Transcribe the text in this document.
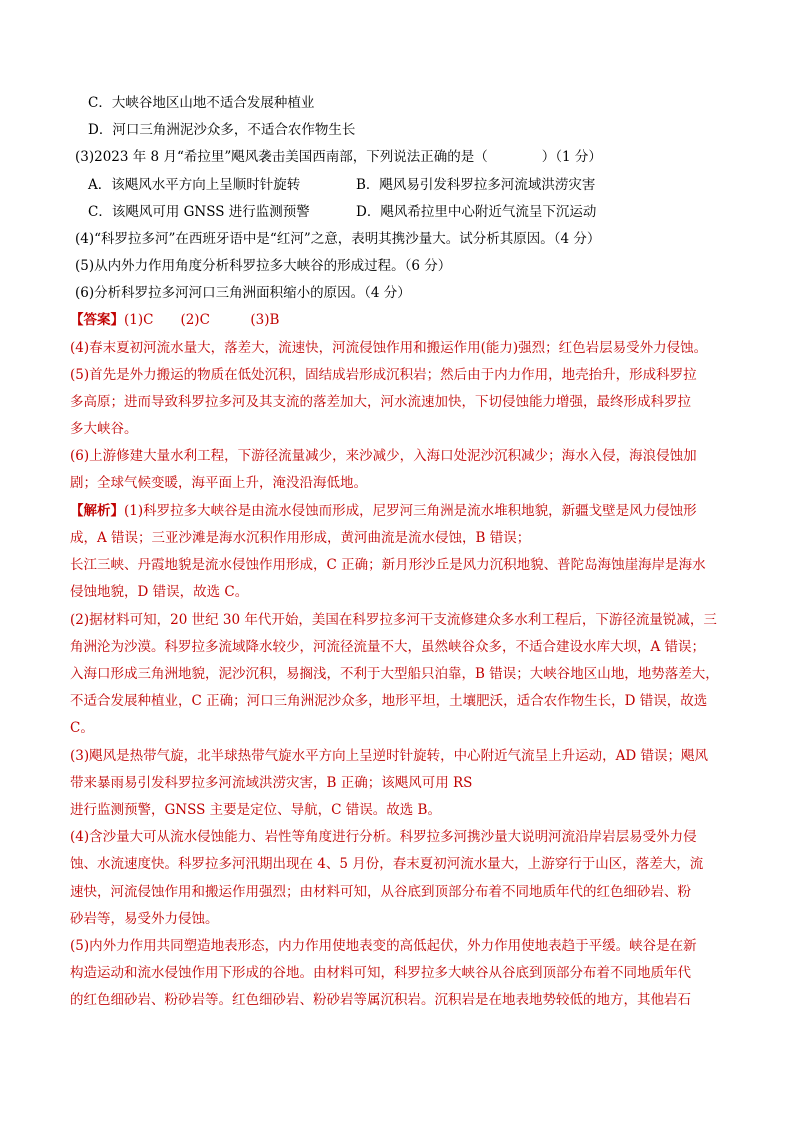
C．大峡谷地区山地不适合发展种植业
D．河口三角洲泥沙众多，不适合农作物生长
(3)2023 年 8 月“希拉里”飓风袭击美国西南部，下列说法正确的是（　　　　）（1 分）
A．该飓风水平方向上呈顺时针旋转	B．飓风易引发科罗拉多河流域洪涝灾害
C．该飓风可用 GNSS 进行监测预警	D．飓风希拉里中心附近气流呈下沉运动
(4)“科罗拉多河”在西班牙语中是“红河”之意，表明其携沙量大。试分析其原因。（4 分）
(5)从内外力作用角度分析科罗拉多大峡谷的形成过程。（6 分）
(6)分析科罗拉多河河口三角洲面积缩小的原因。（4 分）
【答案】(1)C　　(2)C　　　(3)B
(4)春末夏初河流水量大，落差大，流速快，河流侵蚀作用和搬运作用(能力)强烈；红色岩层易受外力侵蚀。
(5)首先是外力搬运的物质在低处沉积，固结成岩形成沉积岩；然后由于内力作用，地壳抬升，形成科罗拉
多高原；进而导致科罗拉多河及其支流的落差加大，河水流速加快，下切侵蚀能力增强，最终形成科罗拉
多大峡谷。
(6)上游修建大量水利工程，下游径流量减少，来沙减少，入海口处泥沙沉积减少；海水入侵，海浪侵蚀加
剧；全球气候变暖，海平面上升，淹没沿海低地。
【解析】(1)科罗拉多大峡谷是由流水侵蚀而形成，尼罗河三角洲是流水堆积地貌，新疆戈壁是风力侵蚀形
成，A 错误；三亚沙滩是海水沉积作用形成，黄河曲流是流水侵蚀，B 错误；
长江三峡、丹霞地貌是流水侵蚀作用形成，C 正确；新月形沙丘是风力沉积地貌、普陀岛海蚀崖海岸是海水
侵蚀地貌，D 错误，故选 C。
(2)据材料可知，20 世纪 30 年代开始，美国在科罗拉多河干支流修建众多水利工程后，下游径流量锐减，三
角洲沦为沙漠。科罗拉多流域降水较少，河流径流量不大，虽然峡谷众多，不适合建设水库大坝，A 错误；
入海口形成三角洲地貌，泥沙沉积，易搁浅，不利于大型船只泊靠，B 错误；大峡谷地区山地，地势落差大，
不适合发展种植业，C 正确；河口三角洲泥沙众多，地形平坦，土壤肥沃，适合农作物生长，D 错误，故选
C。
(3)飓风是热带气旋，北半球热带气旋水平方向上呈逆时针旋转，中心附近气流呈上升运动，AD 错误；飓风
带来暴雨易引发科罗拉多河流域洪涝灾害，B 正确；该飓风可用 RS
进行监测预警，GNSS 主要是定位、导航，C 错误。故选 B。
(4)含沙量大可从流水侵蚀能力、岩性等角度进行分析。科罗拉多河携沙量大说明河流沿岸岩层易受外力侵
蚀、水流速度快。科罗拉多河汛期出现在 4、5 月份，春末夏初河流水量大，上游穿行于山区，落差大，流
速快，河流侵蚀作用和搬运作用强烈；由材料可知，从谷底到顶部分布着不同地质年代的红色细砂岩、粉
砂岩等，易受外力侵蚀。
(5)内外力作用共同塑造地表形态，内力作用使地表变的高低起伏，外力作用使地表趋于平缓。峡谷是在新
构造运动和流水侵蚀作用下形成的谷地。由材料可知，科罗拉多大峡谷从谷底到顶部分布着不同地质年代
的红色细砂岩、粉砂岩等。红色细砂岩、粉砂岩等属沉积岩。沉积岩是在地表地势较低的地方，其他岩石
